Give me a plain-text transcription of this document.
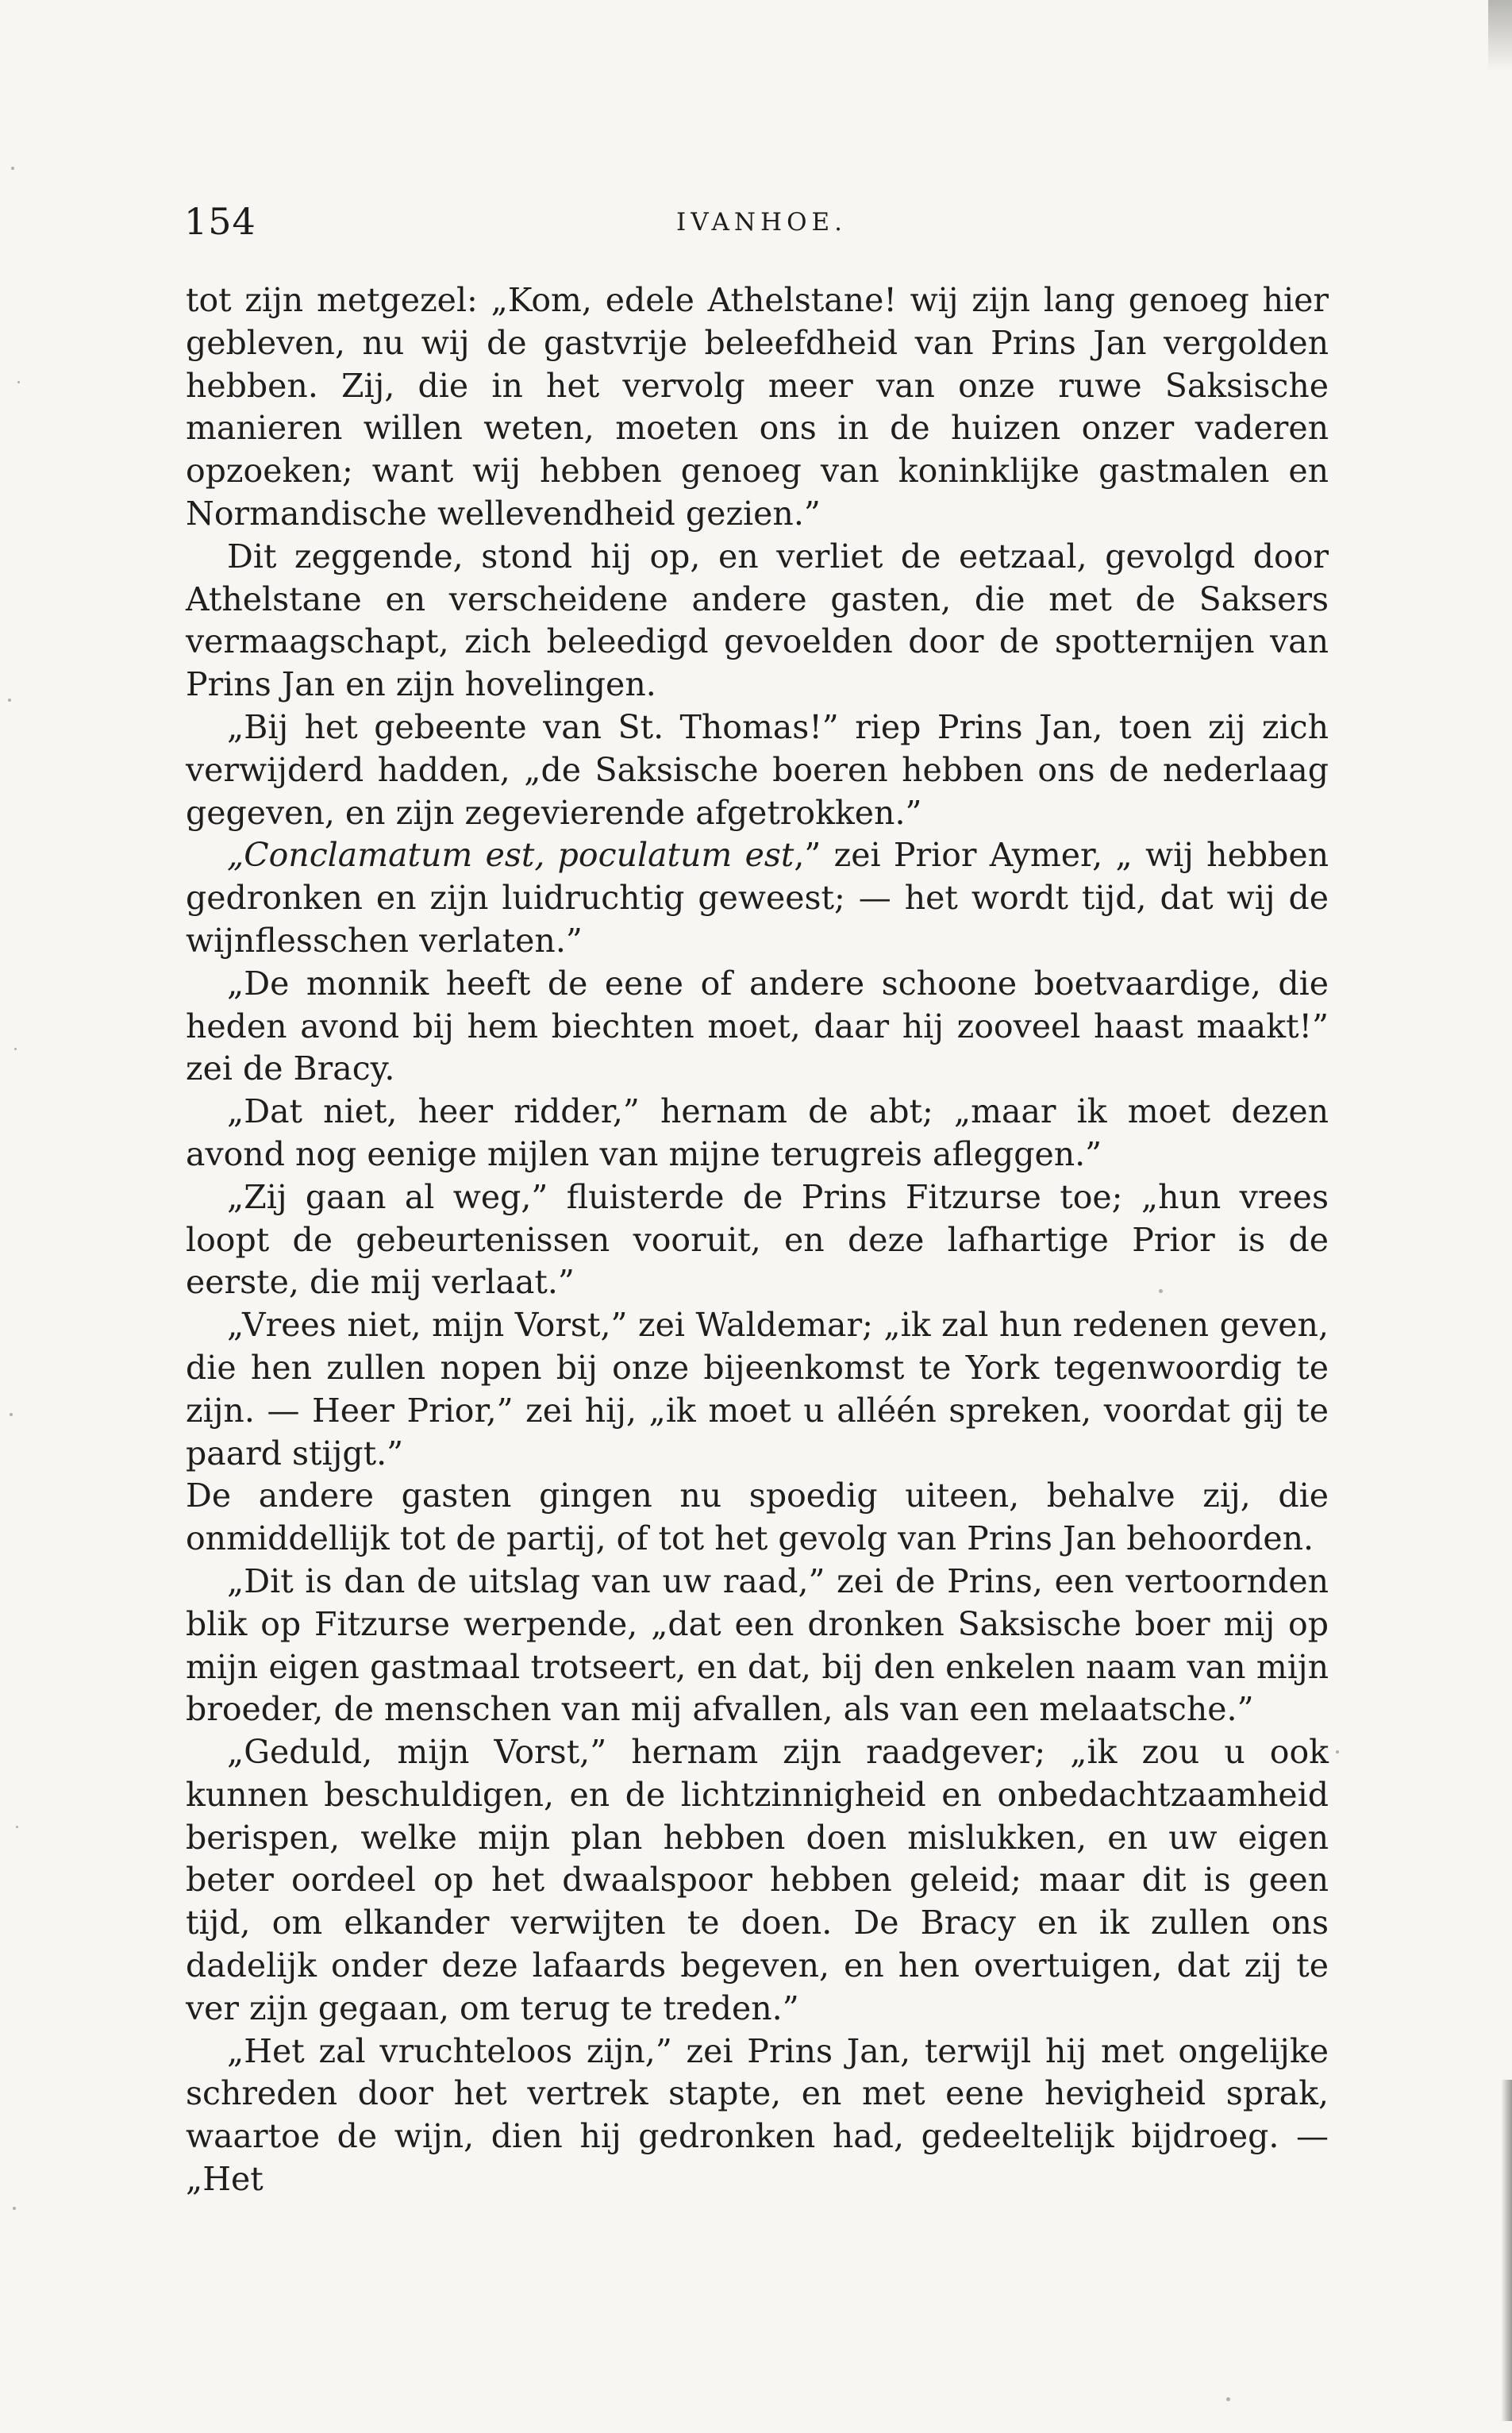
154	IVANHOE.

tot zijn metgezel: „Kom, edele Athelstane! wij zijn lang genoeg hier gebleven, nu wij de gastvrije beleefdheid van Prins Jan vergolden hebben. Zij, die in het vervolg meer van onze ruwe Saksische manieren willen weten, moeten ons in de huizen onzer vaderen opzoeken; want wij hebben genoeg van koninklijke gastmalen en Normandische wellevendheid gezien.”

Dit zeggende, stond hij op, en verliet de eetzaal, gevolgd door Athelstane en verscheidene andere gasten, die met de Saksers vermaagschapt, zich beleedigd gevoelden door de spotternijen van Prins Jan en zijn hovelingen.

„Bij het gebeente van St. Thomas!” riep Prins Jan, toen zij zich verwijderd hadden, „de Saksische boeren hebben ons de nederlaag gegeven, en zijn zegevierende afgetrokken.”

„Conclamatum est, poculatum est,” zei Prior Aymer, „ wij hebben gedronken en zijn luidruchtig geweest; — het wordt tijd, dat wij de wijnflesschen verlaten.”

„De monnik heeft de eene of andere schoone boetvaardige, die heden avond bij hem biechten moet, daar hij zooveel haast maakt!” zei de Bracy.

„Dat niet, heer ridder,” hernam de abt; „maar ik moet dezen avond nog eenige mijlen van mijne terugreis afleggen.”

„Zij gaan al weg,” fluisterde de Prins Fitzurse toe; „hun vrees loopt de gebeurtenissen vooruit, en deze lafhartige Prior is de eerste, die mij verlaat.”

„Vrees niet, mijn Vorst,” zei Waldemar; „ik zal hun redenen geven, die hen zullen nopen bij onze bijeenkomst te York tegenwoordig te zijn. — Heer Prior,” zei hij, „ik moet u alléén spreken, voordat gij te paard stijgt.”

De andere gasten gingen nu spoedig uiteen, behalve zij, die onmiddellijk tot de partij, of tot het gevolg van Prins Jan behoorden.

„Dit is dan de uitslag van uw raad,” zei de Prins, een vertoornden blik op Fitzurse werpende, „dat een dronken Saksische boer mij op mijn eigen gastmaal trotseert, en dat, bij den enkelen naam van mijn broeder, de menschen van mij afvallen, als van een melaatsche.”

„Geduld, mijn Vorst,” hernam zijn raadgever; „ik zou u ook kunnen beschuldigen, en de lichtzinnigheid en onbedachtzaamheid berispen, welke mijn plan hebben doen mislukken, en uw eigen beter oordeel op het dwaalspoor hebben geleid; maar dit is geen tijd, om elkander verwijten te doen. De Bracy en ik zullen ons dadelijk onder deze lafaards begeven, en hen overtuigen, dat zij te ver zijn gegaan, om terug te treden.”

„Het zal vruchteloos zijn,” zei Prins Jan, terwijl hij met ongelijke schreden door het vertrek stapte, en met eene hevigheid sprak, waartoe de wijn, dien hij gedronken had, gedeeltelijk bijdroeg. — „Het
